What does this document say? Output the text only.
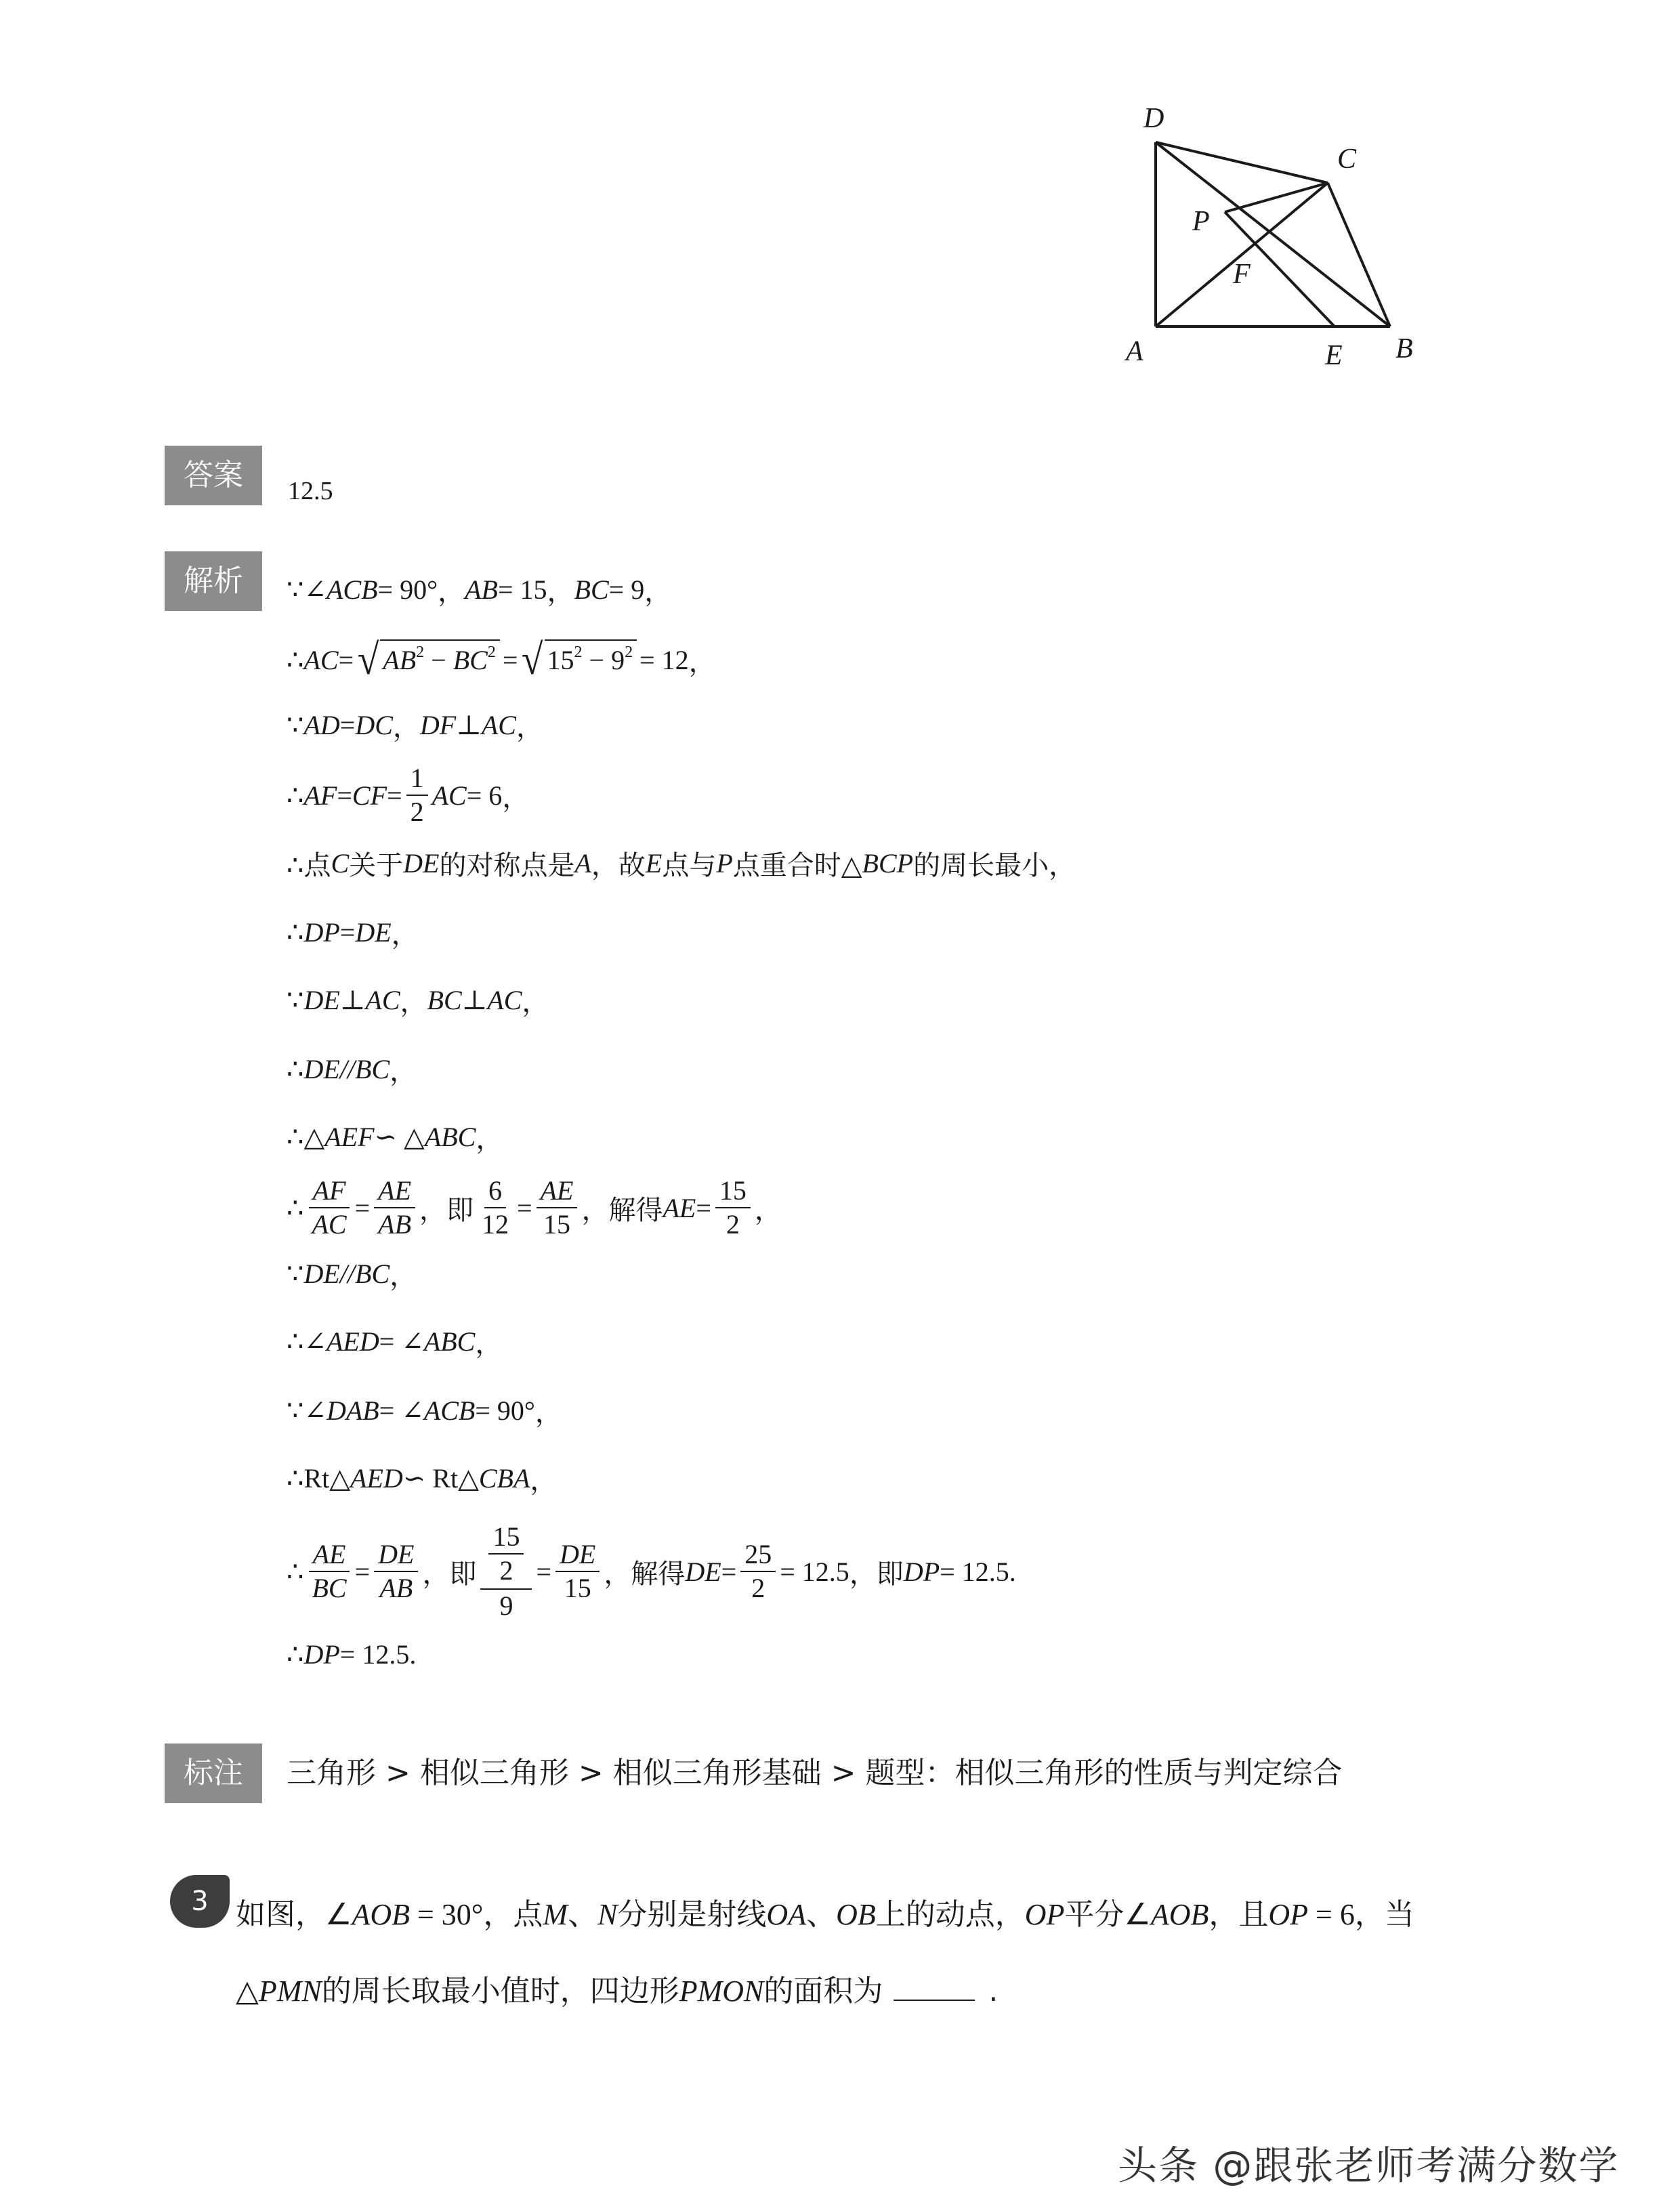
D
C
P
F
A	E B
答案	12.5
解析	∵∠ ACB = 90° ， AB = 15 ， BC = 9 ，
∴ AC = √ $AB^2 - BC^2$ = √ $15^2 - 9^2 = 12$ ，
∵ AD = DC ， DF ⊥ AC ，
∴ AF = CF = $\frac{1}{2}$ AC = 6 ，
∴点 C 关于 DE 的对称点是 A ，故 E 点与 P 点重合时△ BCP 的周长最小，
∴ DP = DE ，
∵ DE ⊥ AC ， BC ⊥ AC ，
∴ DE // BC ，
∴△ AEF ∽ △ ABC ，
∴ $\frac{AF}{AC} = \frac{AE}{AB}$ ，即 $\frac{6}{12} = \frac{AE}{15}$ ，解得 AE = $\frac{15}{2}$ ，
∵ DE // BC ，
∴∠ AED = ∠ ABC ，
∵∠ DAB = ∠ ACB = 90° ，
∴Rt△ AED ∽ Rt△ CBA ，
∴ $\frac{AE}{BC} = \frac{DE}{AB}$ ，即 $\frac{\frac{15}{2}}{9} = \frac{DE}{15}$ ，解得 DE = $\frac{25}{2} = 12.5$ ，即 DP = 12.5 .
∴ DP = 12.5 .
标注	三角形 > 相似三角形 > 相似三角形基础 > 题型：相似三角形的性质与判定综合
3 如图，∠AOB = 30°，点M、N分别是射线OA、OB上的动点，OP平分∠AOB，且OP = 6，当
△PMN的周长取最小值时，四边形PMON的面积为	.
头条 @跟张老师考满分数学
